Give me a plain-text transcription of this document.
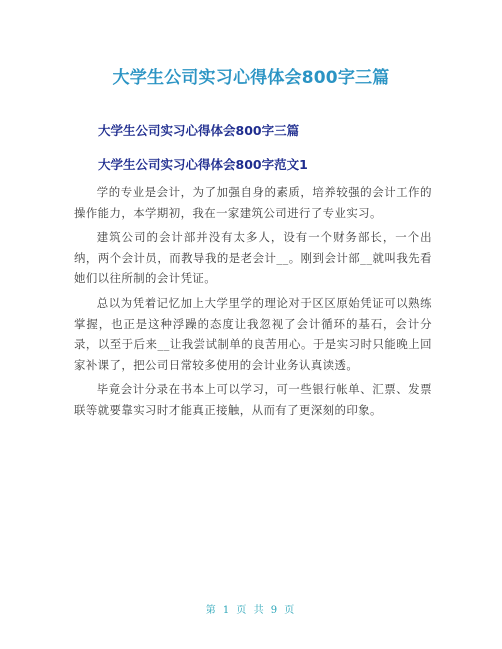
大学生公司实习心得体会800字三篇
大学生公司实习心得体会800字三篇
大学生公司实习心得体会800字范文1

学的专业是会计，为了加强自身的素质，培养较强的会计工作的操作能力，本学期初，我在一家建筑公司进行了专业实习。

建筑公司的会计部并没有太多人，设有一个财务部长，一个出纳，两个会计员，而教导我的是老会计__。刚到会计部__就叫我先看她们以往所制的会计凭证。

总以为凭着记忆加上大学里学的理论对于区区原始凭证可以熟练掌握，也正是这种浮躁的态度让我忽视了会计循环的基石，会计分录，以至于后来__让我尝试制单的良苦用心。于是实习时只能晚上回家补课了，把公司日常较多使用的会计业务认真读透。

毕竟会计分录在书本上可以学习，可一些银行帐单、汇票、发票联等就要靠实习时才能真正接触，从而有了更深刻的印象。

第 1 页 共 9 页
